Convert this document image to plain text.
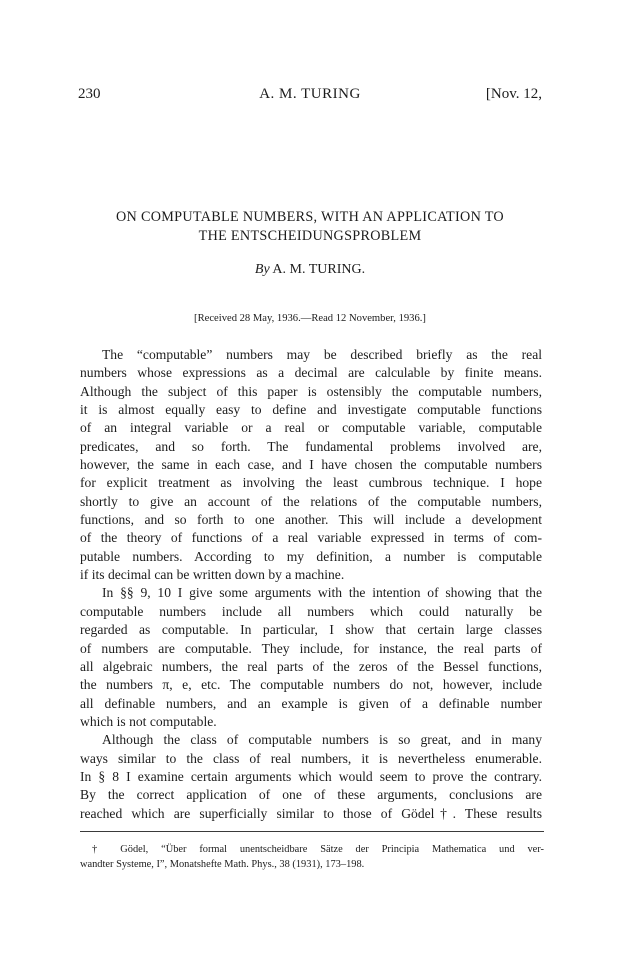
230	A. M. TURING	[Nov. 12,
ON COMPUTABLE NUMBERS, WITH AN APPLICATION TO
THE ENTSCHEIDUNGSPROBLEM
By A. M. TURING.
[Received 28 May, 1936.—Read 12 November, 1936.]
The “computable” numbers may be described briefly as the real
numbers whose expressions as a decimal are calculable by finite means.
Although the subject of this paper is ostensibly the computable numbers,
it is almost equally easy to define and investigate computable functions
of an integral variable or a real or computable variable, computable
predicates, and so forth. The fundamental problems involved are,
however, the same in each case, and I have chosen the computable numbers
for explicit treatment as involving the least cumbrous technique. I hope
shortly to give an account of the relations of the computable numbers,
functions, and so forth to one another. This will include a development
of the theory of functions of a real variable expressed in terms of com-
putable numbers. According to my definition, a number is computable
if its decimal can be written down by a machine.
In §§ 9, 10 I give some arguments with the intention of showing that the
computable numbers include all numbers which could naturally be
regarded as computable. In particular, I show that certain large classes
of numbers are computable. They include, for instance, the real parts of
all algebraic numbers, the real parts of the zeros of the Bessel functions,
the numbers π, e, etc. The computable numbers do not, however, include
all definable numbers, and an example is given of a definable number
which is not computable.
Although the class of computable numbers is so great, and in many
ways similar to the class of real numbers, it is nevertheless enumerable.
In § 8 I examine certain arguments which would seem to prove the contrary.
By the correct application of one of these arguments, conclusions are
reached which are superficially similar to those of Gödel†. These results
† Gödel, “Über formal unentscheidbare Sätze der Principia Mathematica und ver-
wandter Systeme, I”, Monatshefte Math. Phys., 38 (1931), 173–198.
